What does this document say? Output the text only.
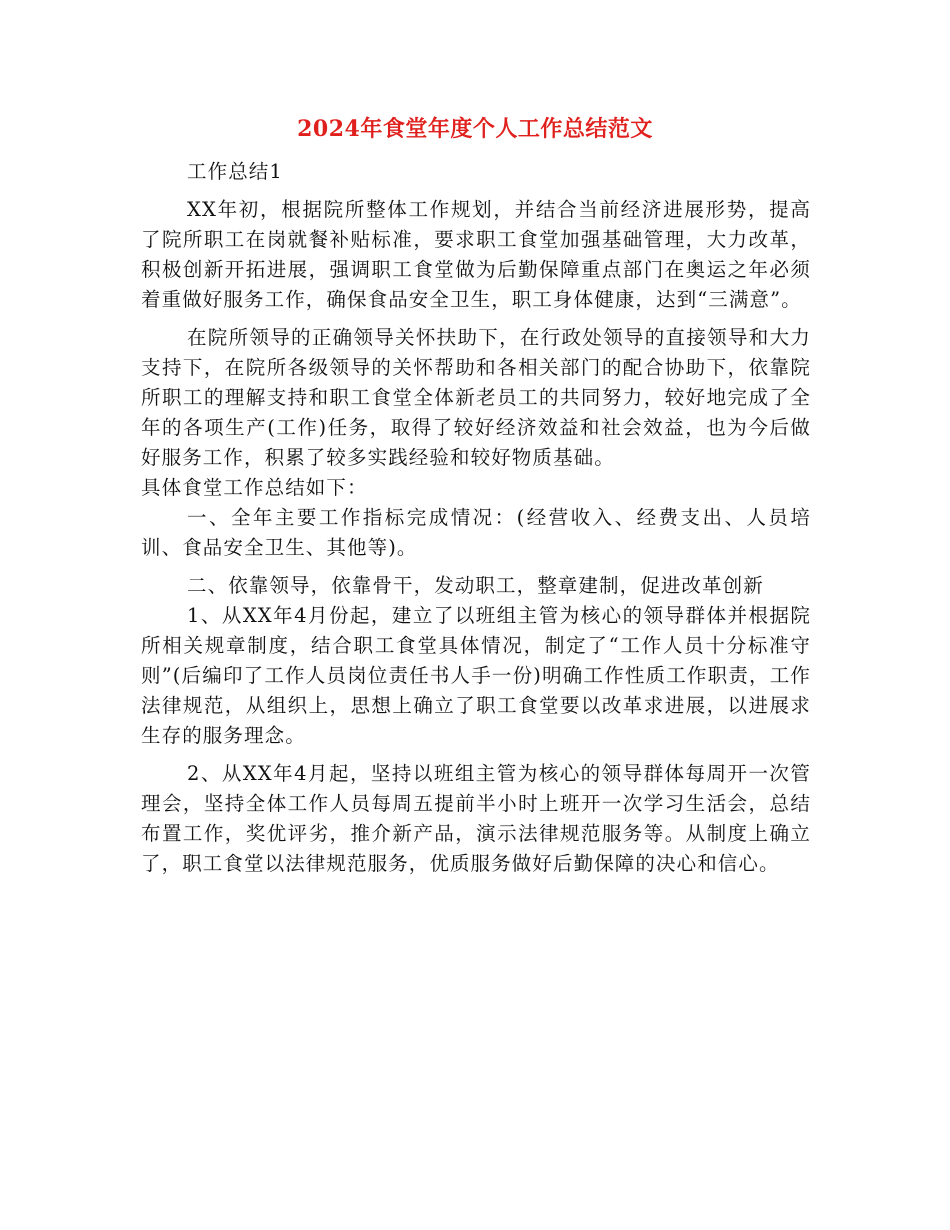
2024年食堂年度个人工作总结范文

工作总结1

XX年初，根据院所整体工作规划，并结合当前经济进展形势，提高了院所职工在岗就餐补贴标准，要求职工食堂加强基础管理，大力改革，积极创新开拓进展，强调职工食堂做为后勤保障重点部门在奥运之年必须着重做好服务工作，确保食品安全卫生，职工身体健康，达到“三满意”。

在院所领导的正确领导关怀扶助下，在行政处领导的直接领导和大力支持下，在院所各级领导的关怀帮助和各相关部门的配合协助下，依靠院所职工的理解支持和职工食堂全体新老员工的共同努力，较好地完成了全年的各项生产(工作)任务，取得了较好经济效益和社会效益，也为今后做好服务工作，积累了较多实践经验和较好物质基础。

具体食堂工作总结如下：

一、全年主要工作指标完成情况：(经营收入、经费支出、人员培训、食品安全卫生、其他等)。

二、依靠领导，依靠骨干，发动职工，整章建制，促进改革创新

1、从XX年4月份起，建立了以班组主管为核心的领导群体并根据院所相关规章制度，结合职工食堂具体情况，制定了“工作人员十分标准守则”(后编印了工作人员岗位责任书人手一份)明确工作性质工作职责，工作法律规范，从组织上，思想上确立了职工食堂要以改革求进展，以进展求生存的服务理念。

2、从XX年4月起，坚持以班组主管为核心的领导群体每周开一次管理会，坚持全体工作人员每周五提前半小时上班开一次学习生活会，总结布置工作，奖优评劣，推介新产品，演示法律规范服务等。从制度上确立了，职工食堂以法律规范服务，优质服务做好后勤保障的决心和信心。
